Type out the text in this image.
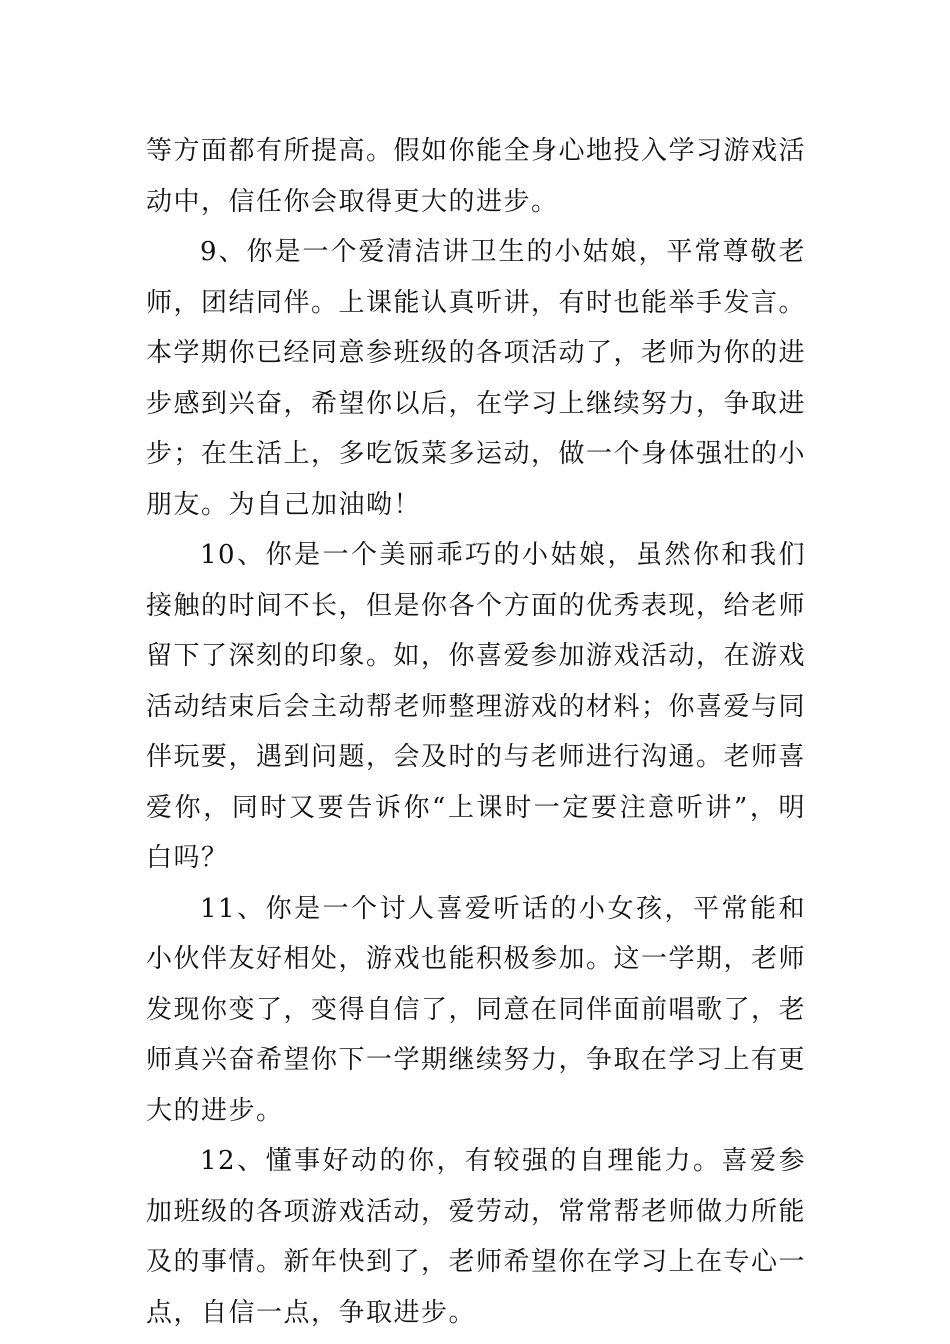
等方面都有所提高。假如你能全身心地投入学习游戏活动中，信任你会取得更大的进步。

9、你是一个爱清洁讲卫生的小姑娘，平常尊敬老师，团结同伴。上课能认真听讲，有时也能举手发言。本学期你已经同意参班级的各项活动了，老师为你的进步感到兴奋，希望你以后，在学习上继续努力，争取进步；在生活上，多吃饭菜多运动，做一个身体强壮的小朋友。为自己加油呦！

10、你是一个美丽乖巧的小姑娘，虽然你和我们接触的时间不长，但是你各个方面的优秀表现，给老师留下了深刻的印象。如，你喜爱参加游戏活动，在游戏活动结束后会主动帮老师整理游戏的材料；你喜爱与同伴玩要，遇到问题，会及时的与老师进行沟通。老师喜爱你，同时又要告诉你“上课时一定要注意听讲”，明白吗？

11、你是一个讨人喜爱听话的小女孩，平常能和小伙伴友好相处，游戏也能积极参加。这一学期，老师发现你变了，变得自信了，同意在同伴面前唱歌了，老师真兴奋希望你下一学期继续努力，争取在学习上有更大的进步。

12、懂事好动的你，有较强的自理能力。喜爱参加班级的各项游戏活动，爱劳动，常常帮老师做力所能及的事情。新年快到了，老师希望你在学习上在专心一点，自信一点，争取进步。
